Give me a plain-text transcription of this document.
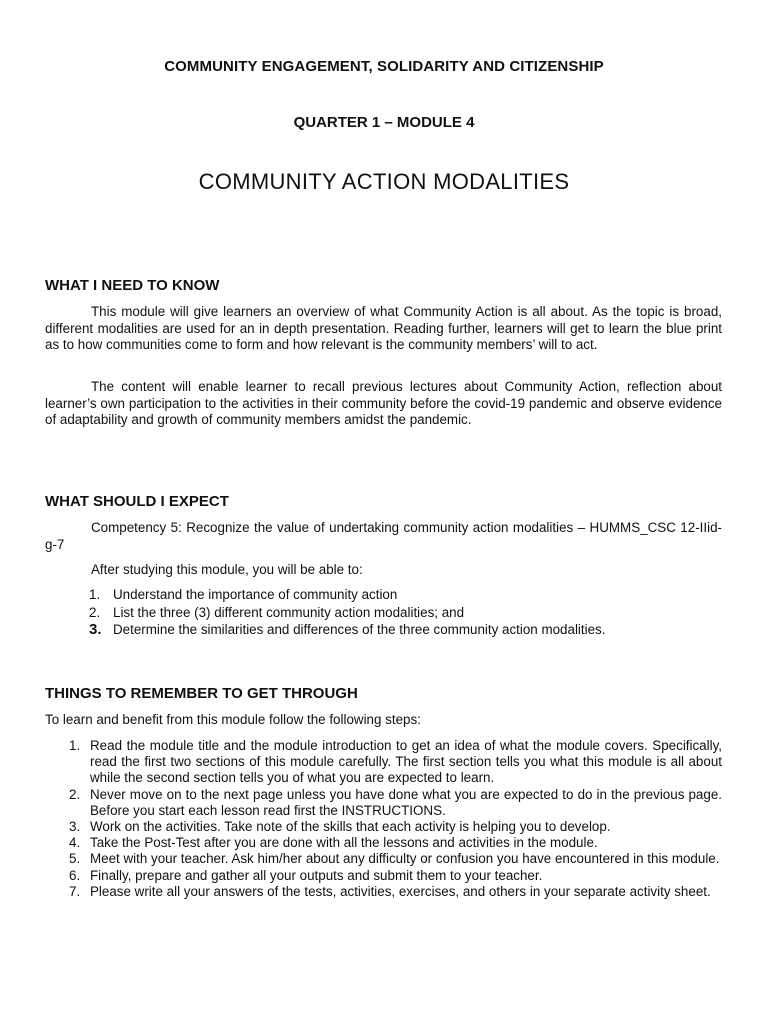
COMMUNITY ENGAGEMENT, SOLIDARITY AND CITIZENSHIP
QUARTER 1 – MODULE 4
COMMUNITY ACTION MODALITIES
WHAT I NEED TO KNOW

This module will give learners an overview of what Community Action is all about. As the topic is broad, different modalities are used for an in depth presentation. Reading further, learners will get to learn the blue print as to how communities come to form and how relevant is the community members’ will to act.

The content will enable learner to recall previous lectures about Community Action, reflection about learner’s own participation to the activities in their community before the covid-19 pandemic and observe evidence of adaptability and growth of community members amidst the pandemic.

WHAT SHOULD I EXPECT

Competency 5: Recognize the value of undertaking community action modalities – HUMMS_CSC 12-IIid-g-7

After studying this module, you will be able to:

1. Understand the importance of community action
2. List the three (3) different community action modalities; and
3. Determine the similarities and differences of the three community action modalities.
THINGS TO REMEMBER TO GET THROUGH

To learn and benefit from this module follow the following steps:

1. Read the module title and the module introduction to get an idea of what the module covers. Specifically, read the first two sections of this module carefully. The first section tells you what this module is all about while the second section tells you of what you are expected to learn.
2. Never move on to the next page unless you have done what you are expected to do in the previous page. Before you start each lesson read first the INSTRUCTIONS.
3. Work on the activities. Take note of the skills that each activity is helping you to develop.
4. Take the Post-Test after you are done with all the lessons and activities in the module.
5. Meet with your teacher. Ask him/her about any difficulty or confusion you have encountered in this module.
6. Finally, prepare and gather all your outputs and submit them to your teacher.
7. Please write all your answers of the tests, activities, exercises, and others in your separate activity sheet.
